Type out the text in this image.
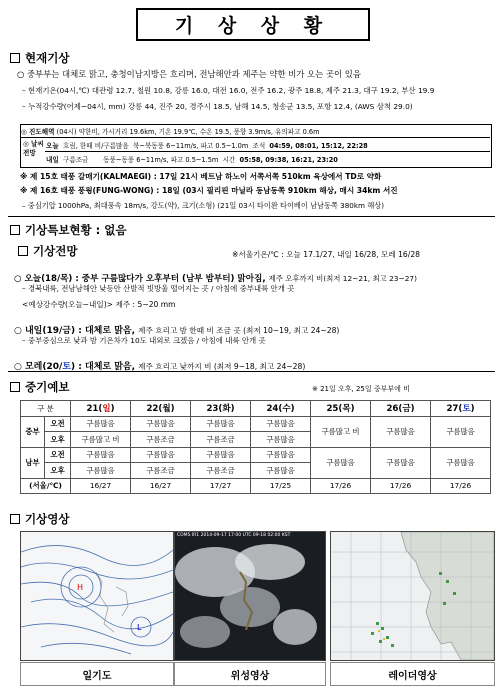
기 상 상 황
현재기상
○ 중부부는 대체로 맑고, 충청이남지방은 흐리며, 전남해안과 제주는 약한 비가 오는 곳이 있음
– 현재기온(04시,℃) 대관령 12.7, 철원 10.8, 강릉 16.0, 대전 16.0, 전주 16.2, 광주 18.8, 제주 21.3, 대구 19.2, 부산 19.9
– 누적강수량(어제~04시, mm) 강릉 44, 진주 20, 경주시 18.5, 남해 14.5, 청송군 13.5, 포항 12.4, (AWS 삼척 29.0)
◎ 진도해역 (04시) 약한비, 가시거리 19.6km, 기온 19.9℃, 수온 19.5, 풍향 3.9m/s, 유의파고 0.6m
◎ 날씨 전망
오늘 흐림, 한때 비/구름많음 북~북동풍 6~11m/s, 파고 0.5~1.0m 조석 04:59, 08:01, 15:12, 22:28
내일 구름조금 동풍~동풍 6~11m/s, 파고 0.5~1.5m 시간 05:58, 09:38, 16:21, 23:20
※ 제 15호 태풍 갈매기(KALMAEGI) : 17일 21시 베트남 하노이 서쪽서쪽 510km 육상에서 TD로 약화
※ 제 16호 태풍 풍웡(FUNG-WONG) : 18일 (03시 필리핀 마닐라 동남동쪽 910km 해상, 매시 34km 서진
– 중심기압 1000hPa, 최대풍속 18m/s, 강도(약), 크기(소형) (21일 03시 타이완 타이베이 남남동쪽 380km 해상)
기상특보현황 : 없음
기상전망	※서울기온/℃ : 오늘 17.1/27, 내일 16/28, 모레 16/28
○ 오늘(18/목) : 중부 구름많다가 오후부터 (남부 밤부터) 맑아짐, 제주 오후까지 비(최저 12~21, 최고 23~27)
– 경북내륙, 전남남해안 낮동안 산발적 빗방울 떨어지는 곳 / 아침에 중부내륙 안개 곳
<예상강수량(오늘~내일)> 제주 : 5~20 mm
○ 내일(19/금) : 대체로 맑음, 제주 흐리고 밤 한때 비 조금 곳 (최저 10~19, 최고 24~28)
– 중부중심으로 낮과 밤 기온차가 10도 내외로 크겠음 / 아침에 내륙 안개 곳
○ 모레(20/토) : 대체로 맑음, 제주 흐리고 낮까지 비 (최저 9~18, 최고 24~28)
중기예보	※ 21일 오후, 25일 중부부에 비
구 분		21(일)	22(월)	23(화)	24(수)	25(목)	26(금)	27(토)
중부	오전	구름많음	구름많음	구름많음	구름많음	구름많고 비	구름많음	구름많음
	오후	구름많고 비	구름조금	구름조금	구름많음			
남부	오전	구름많음	구름많음	구름많음	구름많음	구름많음	구름많음	구름많음
	오후	구름많음	구름조금	구름조금	구름많음			
(서울/℃)		16/27	16/27	17/27	17/25	17/26	17/26	17/26
기상영상
H
L
COMS IR1 2014-09-17 17:00 UTC 09-18 02:00 KST
일기도	위성영상	레이더영상
